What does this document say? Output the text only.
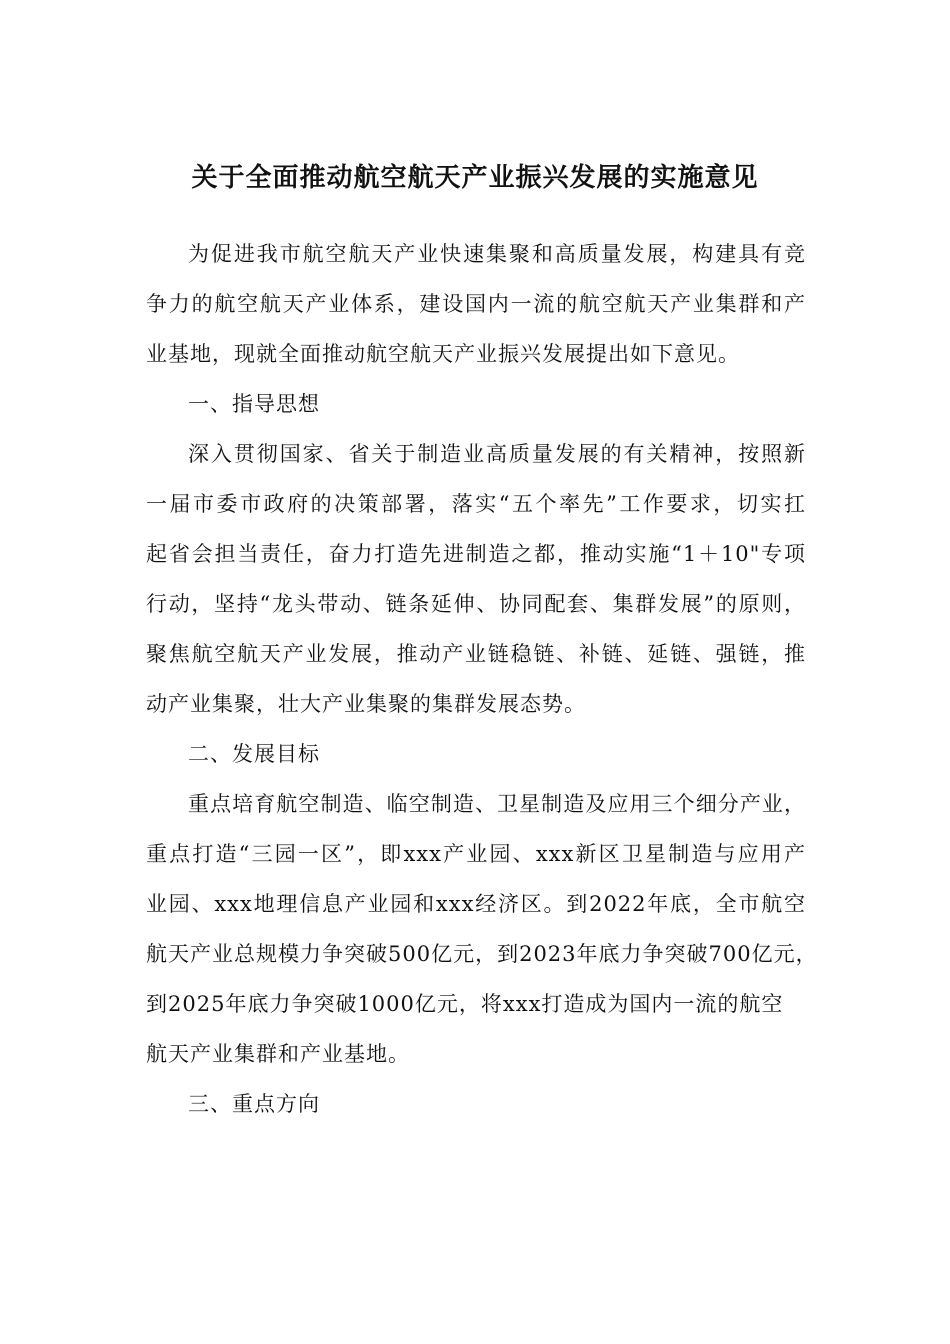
关于全面推动航空航天产业振兴发展的实施意见
为促进我市航空航天产业快速集聚和高质量发展，构建具有竞
争力的航空航天产业体系，建设国内一流的航空航天产业集群和产
业基地，现就全面推动航空航天产业振兴发展提出如下意见。

一、指导思想

深入贯彻国家、省关于制造业高质量发展的有关精神，按照新
一届市委市政府的决策部署，落实“五个率先”工作要求，切实扛
起省会担当责任，奋力打造先进制造之都，推动实施“1＋10"专项
行动，坚持“龙头带动、链条延伸、协同配套、集群发展”的原则，
聚焦航空航天产业发展，推动产业链稳链、补链、延链、强链，推
动产业集聚，壮大产业集聚的集群发展态势。

二、发展目标

重点培育航空制造、临空制造、卫星制造及应用三个细分产业，
重点打造“三园一区”，即xxx产业园、xxx新区卫星制造与应用产
业园、xxx地理信息产业园和xxx经济区。到2022年底，全市航空
航天产业总规模力争突破500亿元，到2023年底力争突破700亿元，
到2025年底力争突破1000亿元，将xxx打造成为国内一流的航空
航天产业集群和产业基地。

三、重点方向
